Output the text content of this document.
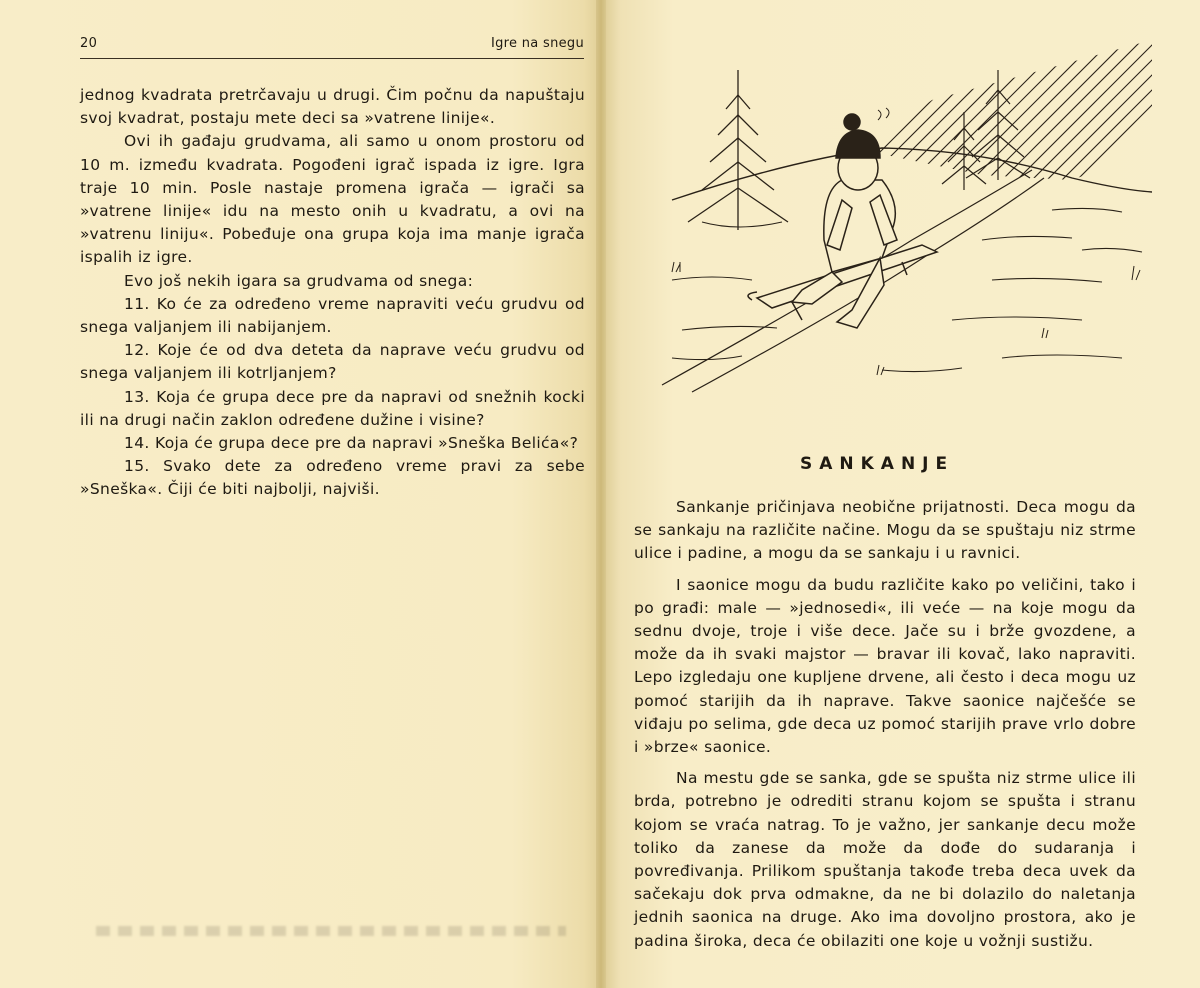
20	Igre na snegu

jednog kvadrata pretrčavaju u drugi. Čim počnu da napuštaju svoj kvadrat, postaju mete deci sa »vatrene linije«.

Ovi ih gađaju grudvama, ali samo u onom prostoru od 10 m. između kvadrata. Pogođeni igrač ispada iz igre. Igra traje 10 min. Posle nastaje promena igrača — igrači sa »vatrene linije« idu na mesto onih u kvadratu, a ovi na »vatrenu liniju«. Pobeđuje ona grupa koja ima manje igrača ispalih iz igre.

Evo još nekih igara sa grudvama od snega:

11. Ko će za određeno vreme napraviti veću grudvu od snega valjanjem ili nabijanjem.

12. Koje će od dva deteta da naprave veću grudvu od snega valjanjem ili kotrljanjem?

13. Koja će grupa dece pre da napravi od snežnih kocki ili na drugi način zaklon određene dužine i visine?

14. Koja će grupa dece pre da napravi »Sneška Belića«?

15. Svako dete za određeno vreme pravi za sebe »Sneška«. Čiji će biti najbolji, najviši.

SANKANJE

Sankanje pričinjava neobične prijatnosti. Deca mogu da se sankaju na različite načine. Mogu da se spuštaju niz strme ulice i padine, a mogu da se sankaju i u ravnici.

I saonice mogu da budu različite kako po veličini, tako i po građi: male — »jednosedi«, ili veće — na koje mogu da sednu dvoje, troje i više dece. Jače su i brže gvozdene, a može da ih svaki majstor — bravar ili kovač, lako napraviti. Lepo izgledaju one kupljene drvene, ali često i deca mogu uz pomoć starijih da ih naprave. Takve saonice najčešće se viđaju po selima, gde deca uz pomoć starijih prave vrlo dobre i »brze« saonice.

Na mestu gde se sanka, gde se spušta niz strme ulice ili brda, potrebno je odrediti stranu kojom se spušta i stranu kojom se vraća natrag. To je važno, jer sankanje decu može toliko da zanese da može da dođe do sudaranja i povređivanja. Prilikom spuštanja takođe treba deca uvek da sačekaju dok prva odmakne, da ne bi dolazilo do naletanja jednih saonica na druge. Ako ima dovoljno prostora, ako je padina široka, deca će obilaziti one koje u vožnji sustižu.
